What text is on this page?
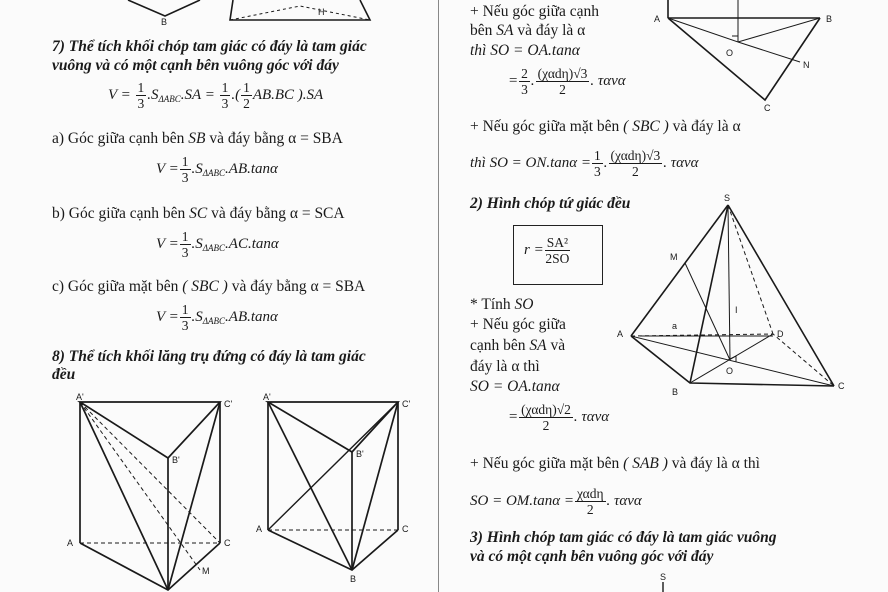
B
H
A'
C'
B'
A	C
M
A'
C'
B'
A	C
B
7) Thể tích khối chóp tam giác có đáy là tam giác
vuông và có một cạnh bên vuông góc với đáy
$V = \frac{1}{3} .S_{\Delta ABC}.SA = \frac{1}{3}$ .( $\frac{1}{2} AB.BC$ ).SA
a) Góc giữa cạnh bên SB và đáy bằng α = SBA
$V = \frac{1}{3} .S_{\Delta ABC}.AB.\tan\alpha$
b) Góc giữa cạnh bên SC và đáy bằng α = SCA
$V = \frac{1}{3} .S_{\Delta ABC}.AC.\tan\alpha$
c) Góc giữa mặt bên ( SBC ) và đáy bằng α = SBA
$V = \frac{1}{3} .S_{\Delta ABC}.AB.\tan\alpha$
8) Thể tích khối lăng trụ đứng có đáy là tam giác
đều
A	B
O
N
C
S
M
I
a
A	D
O
B
C
S
+ Nếu góc giữa cạnh
bên SA và đáy là α
thì SO = OA.tanα
= $\frac{2}{3}$ . $\frac{\text{(χαdη)√3}}{2}$ . τανα
+ Nếu góc giữa mặt bên ( SBC ) và đáy là α
thì SO = $ON.\tan\alpha = \frac{1}{3}$ . $\frac{\text{(χαdη)√3}}{2}$ . τανα
2) Hình chóp tứ giác đều
$r = \frac{\text{SA²}}{2SO}$
* Tính SO
+ Nếu góc giữa
cạnh bên SA và
đáy là α thì
SO = OA.tanα
= $\frac{\text{(χαdη)√2}}{2}$ . τανα
+ Nếu góc giữa mặt bên ( SAB ) và đáy là α thì
SO = $OM.\tan\alpha = \frac{\text{χαdη}}{2}$ . τανα
3) Hình chóp tam giác có đáy là tam giác vuông
và có một cạnh bên vuông góc với đáy
